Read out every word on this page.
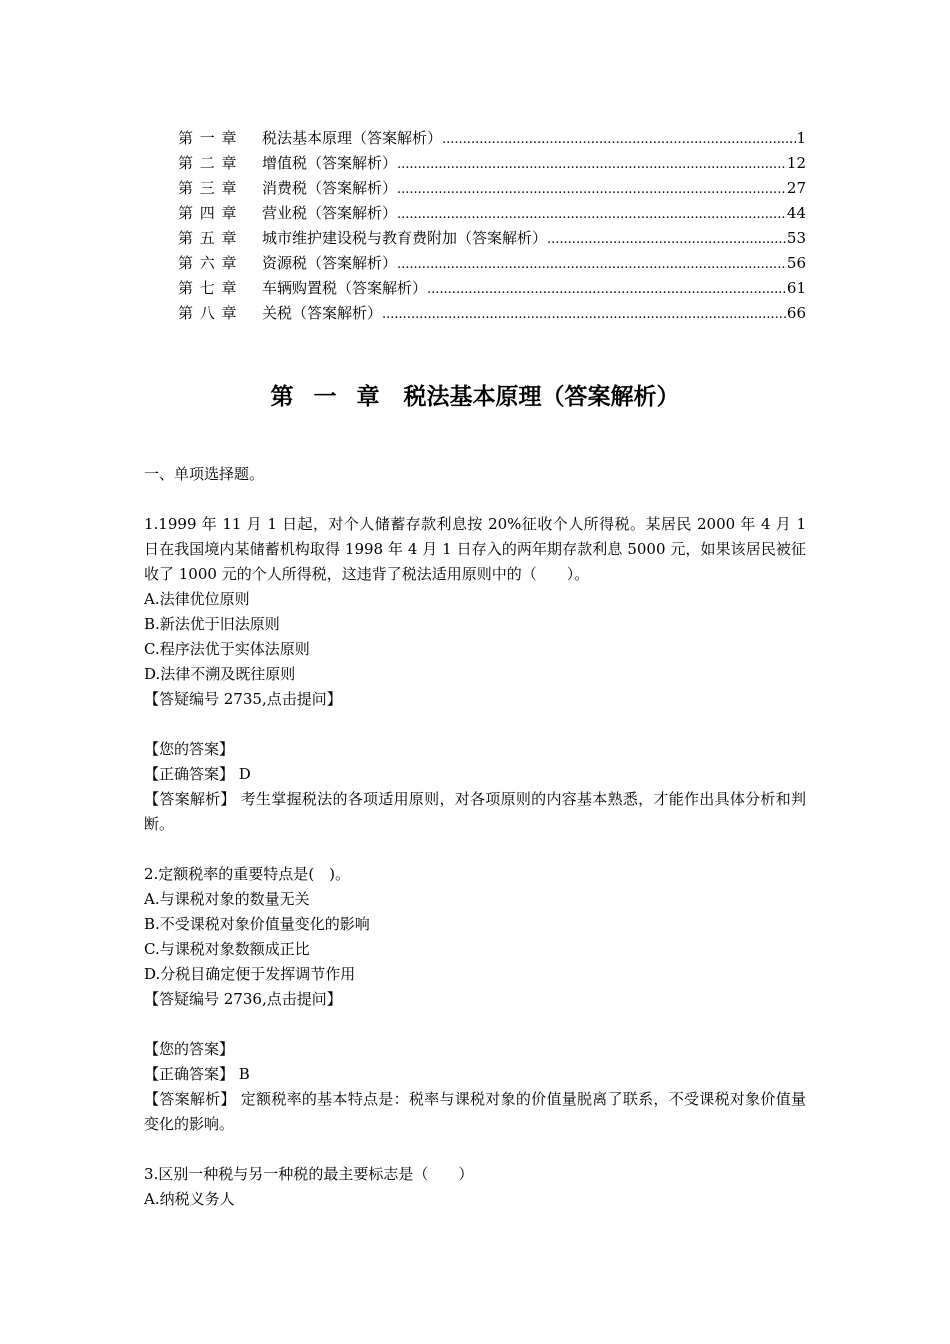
第 一 章	税法基本原理（答案解析） .....	1
第 二 章	增值税（答案解析） .....	12
第 三 章	消费税（答案解析） .....	27
第 四 章	营业税（答案解析） .....	44
第 五 章	城市维护建设税与教育费附加（答案解析） .....	53
第 六 章	资源税（答案解析） .....	56
第 七 章	车辆购置税（答案解析） .....	61
第 八 章	关税（答案解析） .....	66
第 一 章 税法基本原理（答案解析）
一、单项选择题。
1.1999 年 11 月 1 日起，对个人储蓄存款利息按 20%征收个人所得税。某居民 2000 年 4 月 1 日在我国境内某储蓄机构取得 1998 年 4 月 1 日存入的两年期存款利息 5000 元，如果该居民被征收了 1000 元的个人所得税，这违背了税法适用原则中的（　　）。
A.法律优位原则
B.新法优于旧法原则
C.程序法优于实体法原则
D.法律不溯及既往原则
【答疑编号 2735,点击提问】
【您的答案】
【正确答案】 D
【答案解析】 考生掌握税法的各项适用原则，对各项原则的内容基本熟悉，才能作出具体分析和判断。
2.定额税率的重要特点是(　)。
A.与课税对象的数量无关
B.不受课税对象价值量变化的影响
C.与课税对象数额成正比
D.分税目确定便于发挥调节作用
【答疑编号 2736,点击提问】
【您的答案】
【正确答案】 B
【答案解析】 定额税率的基本特点是：税率与课税对象的价值量脱离了联系，不受课税对象价值量变化的影响。
3.区别一种税与另一种税的最主要标志是（　　）
A.纳税义务人
